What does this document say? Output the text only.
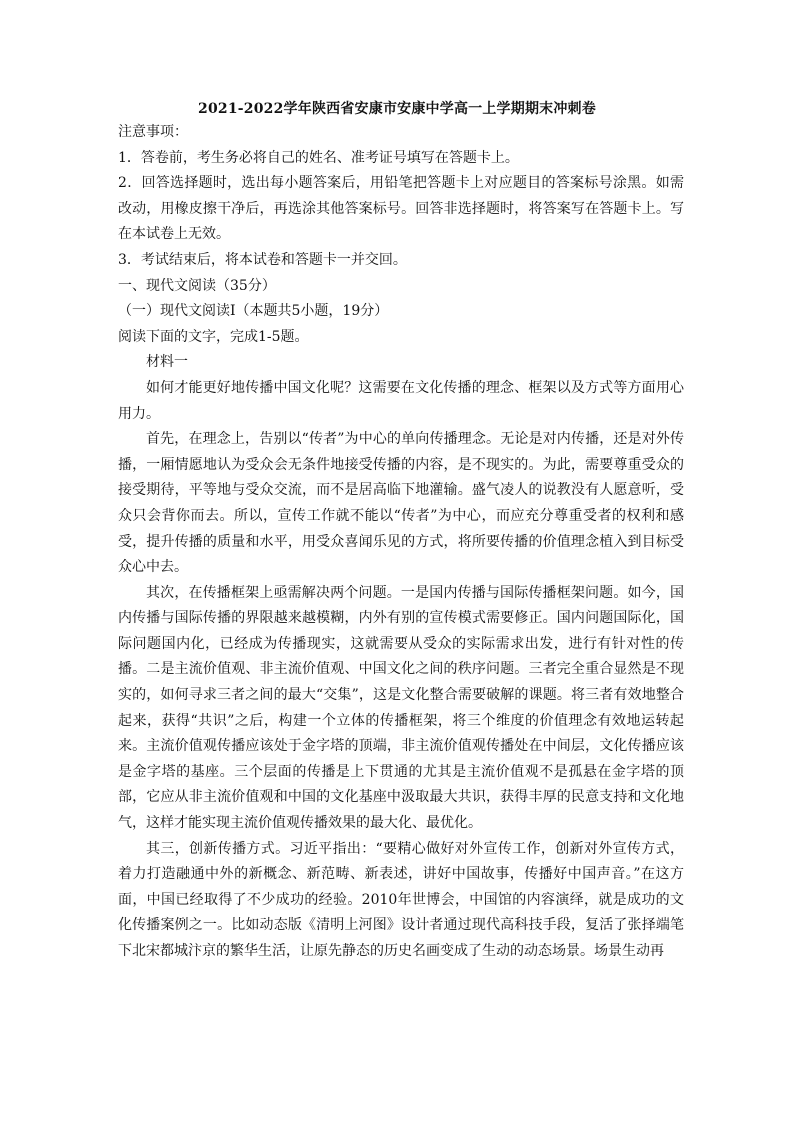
2021-2022学年陕西省安康市安康中学高一上学期期末冲刺卷

注意事项：

1．答卷前，考生务必将自己的姓名、准考证号填写在答题卡上。

2．回答选择题时，选出每小题答案后，用铅笔把答题卡上对应题目的答案标号涂黑。如需改动，用橡皮擦干净后，再选涂其他答案标号。回答非选择题时，将答案写在答题卡上。写在本试卷上无效。

3．考试结束后，将本试卷和答题卡一并交回。

一、现代文阅读（35分）

（一）现代文阅读Ⅰ（本题共5小题，19分）

阅读下面的文字，完成1-5题。

材料一

如何才能更好地传播中国文化呢？这需要在文化传播的理念、框架以及方式等方面用心用力。

首先，在理念上，告别以“传者”为中心的单向传播理念。无论是对内传播，还是对外传播，一厢情愿地认为受众会无条件地接受传播的内容，是不现实的。为此，需要尊重受众的接受期待，平等地与受众交流，而不是居高临下地灌输。盛气凌人的说教没有人愿意听，受众只会背你而去。所以，宣传工作就不能以“传者”为中心，而应充分尊重受者的权利和感受，提升传播的质量和水平，用受众喜闻乐见的方式，将所要传播的价值理念植入到目标受众心中去。

其次，在传播框架上亟需解决两个问题。一是国内传播与国际传播框架问题。如今，国内传播与国际传播的界限越来越模糊，内外有别的宣传模式需要修正。国内问题国际化，国际问题国内化，已经成为传播现实，这就需要从受众的实际需求出发，进行有针对性的传播。二是主流价值观、非主流价值观、中国文化之间的秩序问题。三者完全重合显然是不现实的，如何寻求三者之间的最大“交集”，这是文化整合需要破解的课题。将三者有效地整合起来，获得“共识”之后，构建一个立体的传播框架，将三个维度的价值理念有效地运转起来。主流价值观传播应该处于金字塔的顶端，非主流价值观传播处在中间层，文化传播应该是金字塔的基座。三个层面的传播是上下贯通的尤其是主流价值观不是孤悬在金字塔的顶部，它应从非主流价值观和中国的文化基座中汲取最大共识，获得丰厚的民意支持和文化地气，这样才能实现主流价值观传播效果的最大化、最优化。

其三，创新传播方式。习近平指出：“要精心做好对外宣传工作，创新对外宣传方式，着力打造融通中外的新概念、新范畴、新表述，讲好中国故事，传播好中国声音。”在这方面，中国已经取得了不少成功的经验。2010年世博会，中国馆的内容演绎，就是成功的文化传播案例之一。比如动态版《清明上河图》设计者通过现代高科技手段，复活了张择端笔下北宋都城汴京的繁华生活，让原先静态的历史名画变成了生动的动态场景。场景生动再
